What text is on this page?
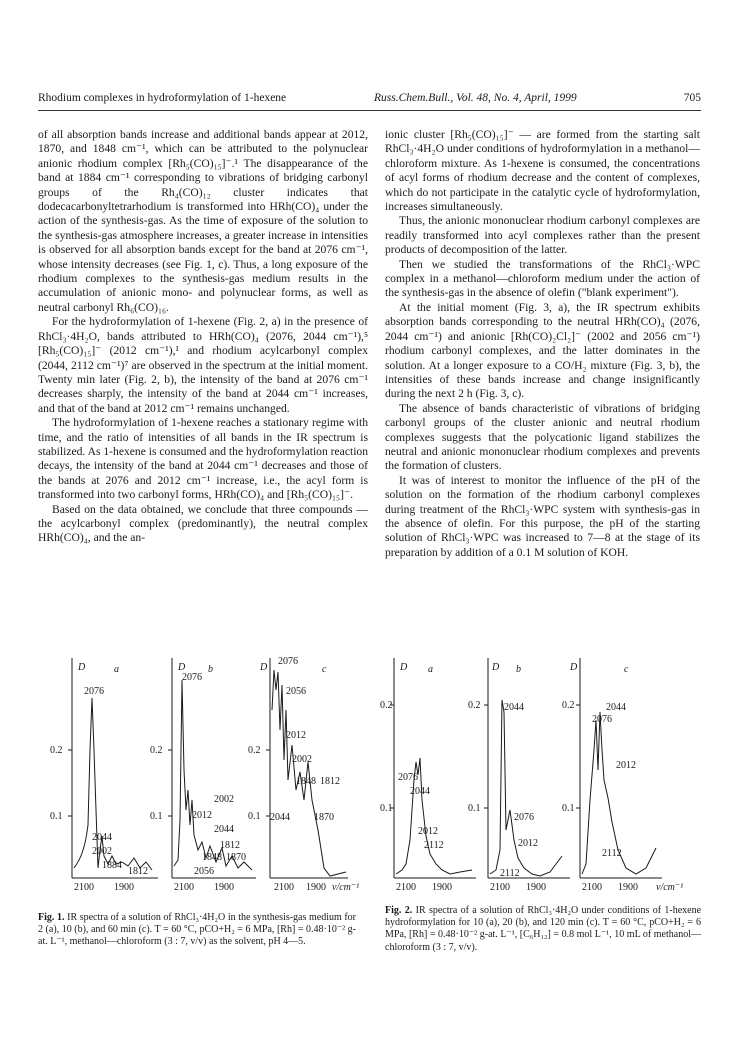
Rhodium complexes in hydroformylation of 1-hexene	Russ.Chem.Bull., Vol. 48, No. 4, April, 1999	705

of all absorption bands increase and additional bands appear at 2012, 1870, and 1848 cm⁻¹, which can be attributed to the polynuclear anionic rhodium complex [Rh₅(CO)₁₅]⁻.¹ The disappearance of the band at 1884 cm⁻¹ corresponding to vibrations of bridging carbonyl groups of the Rh₄(CO)₁₂ cluster indicates that dodecacarbonyltetrarhodium is transformed into HRh(CO)₄ under the action of the synthesis-gas. As the time of exposure of the solution to the synthesis-gas atmosphere increases, a greater increase in intensities is observed for all absorption bands except for the band at 2076 cm⁻¹, whose intensity decreases (see Fig. 1, c). Thus, a long exposure of the rhodium complexes to the synthesis-gas medium results in the accumulation of anionic mono- and polynuclear forms, as well as neutral carbonyl Rh₆(CO)₁₆.

For the hydroformylation of 1-hexene (Fig. 2, a) in the presence of RhCl₃·4H₂O, bands attributed to HRh(CO)₄ (2076, 2044 cm⁻¹),⁵ [Rh₅(CO)₁₅]⁻ (2012 cm⁻¹),¹ and rhodium acylcarbonyl complex (2044, 2112 cm⁻¹)⁷ are observed in the spectrum at the initial moment. Twenty min later (Fig. 2, b), the intensity of the band at 2076 cm⁻¹ decreases sharply, the intensity of the band at 2044 cm⁻¹ increases, and that of the band at 2012 cm⁻¹ remains unchanged.

The hydroformylation of 1-hexene reaches a stationary regime with time, and the ratio of intensities of all bands in the IR spectrum is stabilized. As 1-hexene is consumed and the hydroformylation reaction decays, the intensity of the band at 2044 cm⁻¹ decreases and those of the bands at 2076 and 2012 cm⁻¹ increase, i.e., the acyl form is transformed into two carbonyl forms, HRh(CO)₄ and [Rh₅(CO)₁₅]⁻.

Based on the data obtained, we conclude that three compounds — the acylcarbonyl complex (predominantly), the neutral complex HRh(CO)₄, and the an-

ionic cluster [Rh₅(CO)₁₅]⁻ — are formed from the starting salt RhCl₃·4H₂O under conditions of hydroformylation in a methanol—chloroform mixture. As 1-hexene is consumed, the concentrations of acyl forms of rhodium decrease and the content of complexes, which do not participate in the catalytic cycle of hydroformylation, increases simultaneously.

Thus, the anionic mononuclear rhodium carbonyl complexes are readily transformed into acyl complexes rather than the present products of decomposition of the latter.

Then we studied the transformations of the RhCl₃·WPC complex in a methanol—chloroform medium under the action of the synthesis-gas in the absence of olefin ("blank experiment").

At the initial moment (Fig. 3, a), the IR spectrum exhibits absorption bands corresponding to the neutral HRh(CO)₄ (2076, 2044 cm⁻¹) and anionic [Rh(CO)₂Cl₂]⁻ (2002 and 2056 cm⁻¹) rhodium carbonyl complexes, and the latter dominates in the solution. At a longer exposure to a CO/H₂ mixture (Fig. 3, b), the intensities of these bands increase and change insignificantly during the next 2 h (Fig. 3, c).

The absence of bands characteristic of vibrations of bridging carbonyl groups of the cluster anionic and neutral rhodium complexes suggests that the polycationic ligand stabilizes the neutral and anionic mononuclear rhodium complexes and prevents the formation of clusters.

It was of interest to monitor the influence of the pH of the solution on the formation of the rhodium carbonyl complexes during treatment of the RhCl₃·WPC system with synthesis-gas in the absence of olefin. For this purpose, the pH of the starting solution of RhCl₃·WPC was increased to 7—8 at the stage of its preparation by addition of a 0.1 M solution of KOH.

D	a	D b	D	c
0.2
0.1
0.2
0.1
0.2
0.1
2076
2044
2002
1884
1812
2076
2002
2012
2044
1812
1870
1848
2056
2076
2056
2012
2002
1848 1812
2044 1870
2100 1900	2100 1900	2100 1900 v/cm⁻¹
D a	D b	D	c
0.2
0.1
0.2
0.1
0.2
0.1
2076
2044
2012
2112
2044
2076
2012
2112
2076
2044
2012
2112
2100 1900	2100 1900	2100 1900 v/cm⁻¹
Fig. 1. IR spectra of a solution of RhCl₃·4H₂O in the synthesis-gas medium for 2 (a), 10 (b), and 60 min (c). T = 60 °C, pCO+H₂ = 6 MPa, [Rh] = 0.48·10⁻² g-at. L⁻¹, methanol—chloroform (3 : 7, v/v) as the solvent, pH 4—5.
Fig. 2. IR spectra of a solution of RhCl₃·4H₂O under conditions of 1-hexene hydroformylation for 10 (a), 20 (b), and 120 min (c). T = 60 °C, pCO+H₂ = 6 MPa, [Rh] = 0.48·10⁻² g-at. L⁻¹, [C₆H₁₂] = 0.8 mol L⁻¹, 10 mL of methanol—chloroform (3 : 7, v/v).
